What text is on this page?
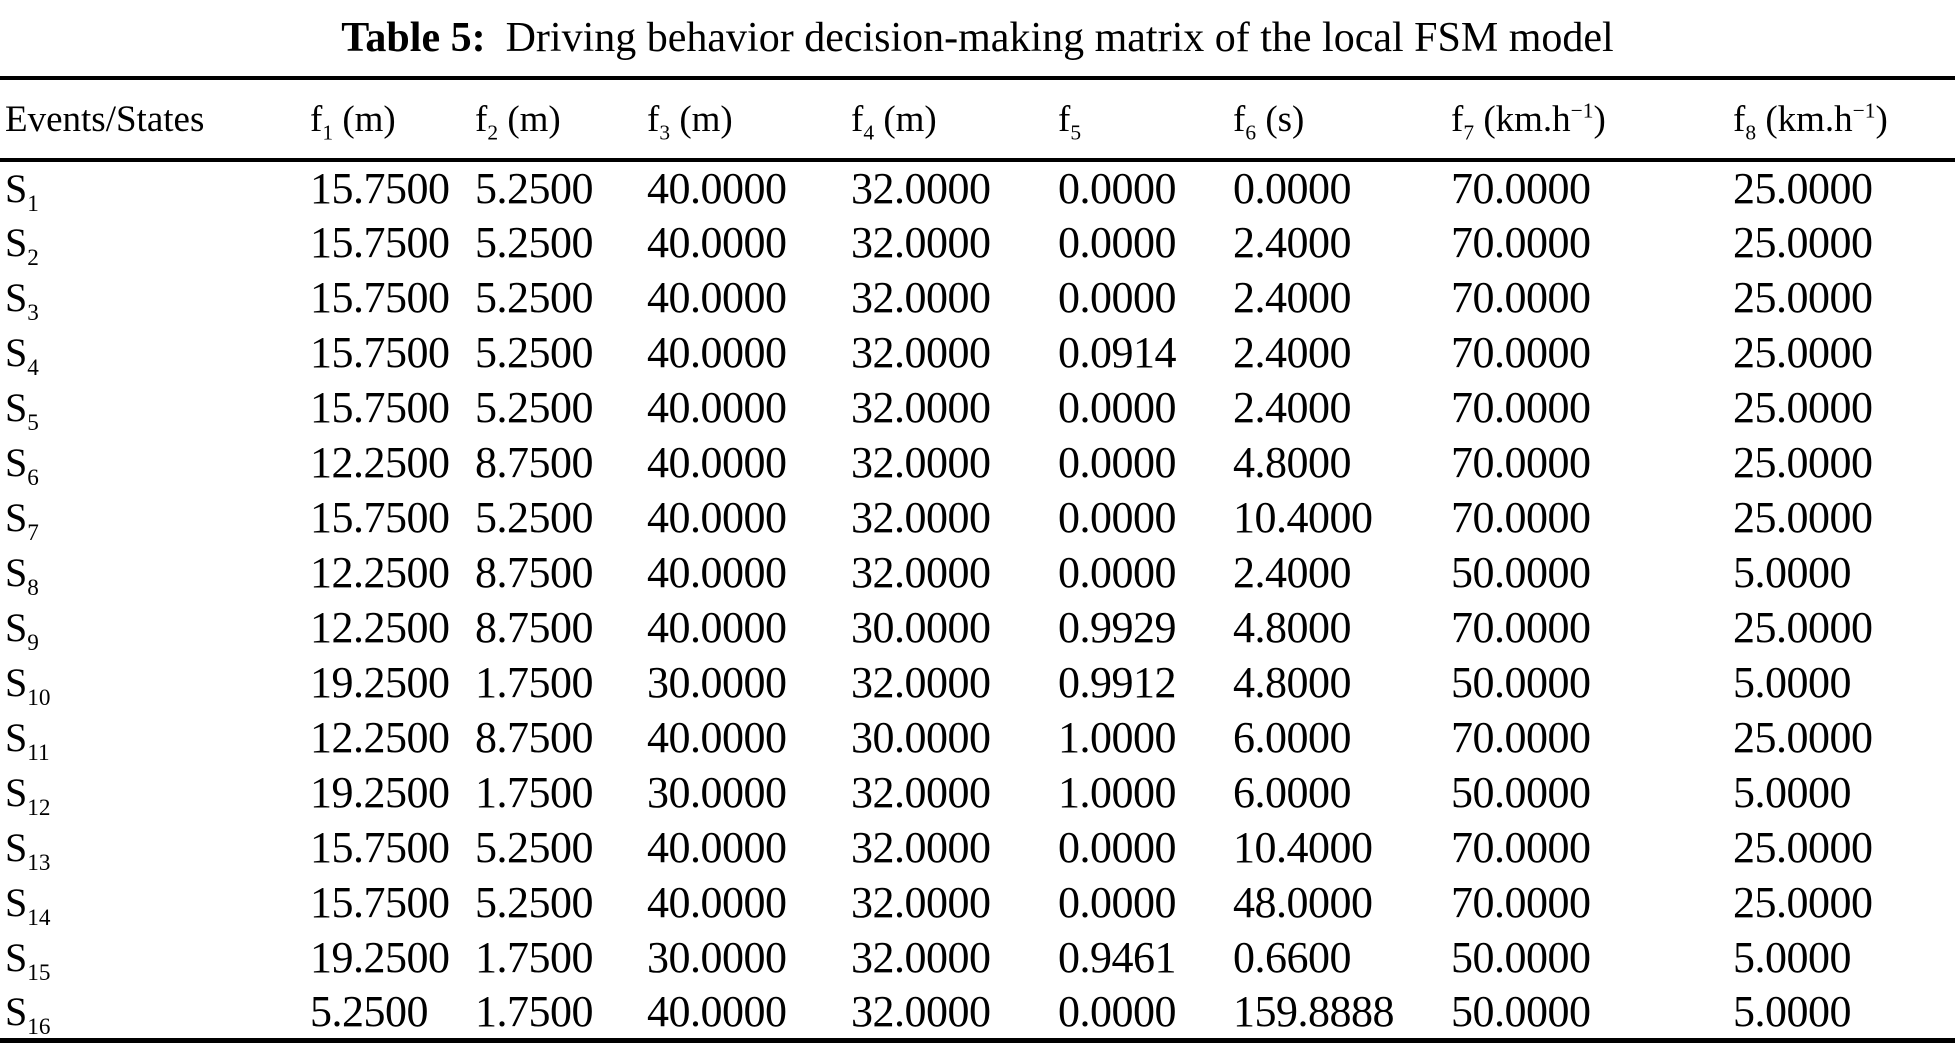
Table 5: Driving behavior decision-making matrix of the local FSM model
Events/States	$f_1$ (m)	$f_2$ (m)	$f_3$ (m)	$f_4$ (m)	$f_5$	$f_6$ (s)	$f_7$ $(km.h^{-1})$	$f_8$ $(km.h^{-1})$
$S_1$	15.7500	5.2500	40.0000	32.0000	0.0000	0.0000	70.0000	25.0000
$S_2$	15.7500	5.2500	40.0000	32.0000	0.0000	2.4000	70.0000	25.0000
$S_3$	15.7500	5.2500	40.0000	32.0000	0.0000	2.4000	70.0000	25.0000
$S_4$	15.7500	5.2500	40.0000	32.0000	0.0914	2.4000	70.0000	25.0000
$S_5$	15.7500	5.2500	40.0000	32.0000	0.0000	2.4000	70.0000	25.0000
$S_6$	12.2500	8.7500	40.0000	32.0000	0.0000	4.8000	70.0000	25.0000
$S_7$	15.7500	5.2500	40.0000	32.0000	0.0000	10.4000	70.0000	25.0000
$S_8$	12.2500	8.7500	40.0000	32.0000	0.0000	2.4000	50.0000	5.0000
$S_9$	12.2500	8.7500	40.0000	30.0000	0.9929	4.8000	70.0000	25.0000
$S_{10}$	19.2500	1.7500	30.0000	32.0000	0.9912	4.8000	50.0000	5.0000
$S_{11}$	12.2500	8.7500	40.0000	30.0000	1.0000	6.0000	70.0000	25.0000
$S_{12}$	19.2500	1.7500	30.0000	32.0000	1.0000	6.0000	50.0000	5.0000
$S_{13}$	15.7500	5.2500	40.0000	32.0000	0.0000	10.4000	70.0000	25.0000
$S_{14}$	15.7500	5.2500	40.0000	32.0000	0.0000	48.0000	70.0000	25.0000
$S_{15}$	19.2500	1.7500	30.0000	32.0000	0.9461	0.6600	50.0000	5.0000
$S_{16}$	5.2500	1.7500	40.0000	32.0000	0.0000	159.8888	50.0000	5.0000
